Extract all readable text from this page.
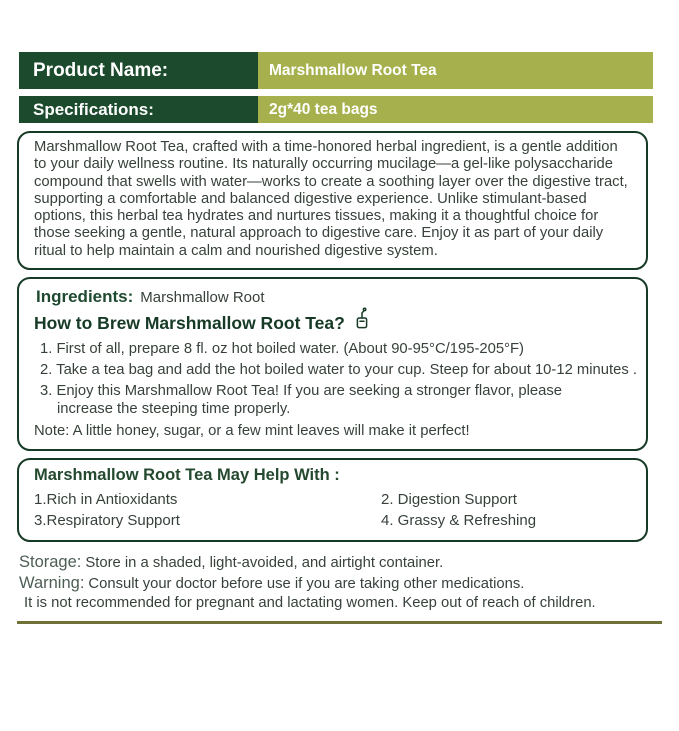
Product Name:	Marshmallow Root Tea
Specifications:	2g*40 tea bags

Marshmallow Root Tea, crafted with a time-honored herbal ingredient, is a gentle addition to your daily wellness routine. Its naturally occurring mucilage—a gel-like polysaccharide compound that swells with water—works to create a soothing layer over the digestive tract, supporting a comfortable and balanced digestive experience. Unlike stimulant-based options, this herbal tea hydrates and nurtures tissues, making it a thoughtful choice for those seeking a gentle, natural approach to digestive care. Enjoy it as part of your daily ritual to help maintain a calm and nourished digestive system.

Ingredients: Marshmallow Root
How to Brew Marshmallow Root Tea?
1. First of all, prepare 8 fl. oz hot boiled water. (About 90-95°C/195-205°F)
2. Take a tea bag and add the hot boiled water to your cup. Steep for about 10-12 minutes .
3. Enjoy this Marshmallow Root Tea! If you are seeking a stronger flavor, please increase the steeping time properly.
Note: A little honey, sugar, or a few mint leaves will make it perfect!
Marshmallow Root Tea May Help With :
1.Rich in Antioxidants	2. Digestion Support
3.Respiratory Support	4. Grassy & Refreshing
Storage: Store in a shaded, light-avoided, and airtight container.
Warning: Consult your doctor before use if you are taking other medications.
It is not recommended for pregnant and lactating women. Keep out of reach of children.
